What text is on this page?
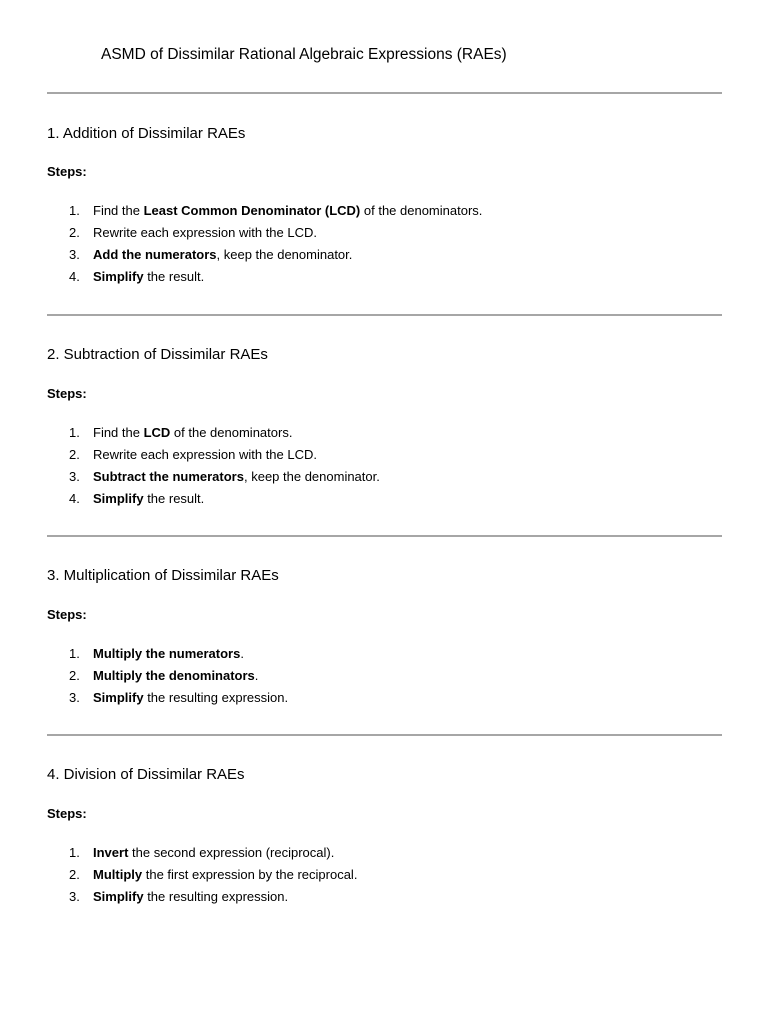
ASMD of Dissimilar Rational Algebraic Expressions (RAEs)
1. Addition of Dissimilar RAEs
Steps:
1. Find the Least Common Denominator (LCD) of the denominators.
2. Rewrite each expression with the LCD.
3. Add the numerators, keep the denominator.
4. Simplify the result.
2. Subtraction of Dissimilar RAEs
Steps:
1. Find the LCD of the denominators.
2. Rewrite each expression with the LCD.
3. Subtract the numerators, keep the denominator.
4. Simplify the result.
3. Multiplication of Dissimilar RAEs
Steps:
1. Multiply the numerators.
2. Multiply the denominators.
3. Simplify the resulting expression.
4. Division of Dissimilar RAEs
Steps:
1. Invert the second expression (reciprocal).
2. Multiply the first expression by the reciprocal.
3. Simplify the resulting expression.
